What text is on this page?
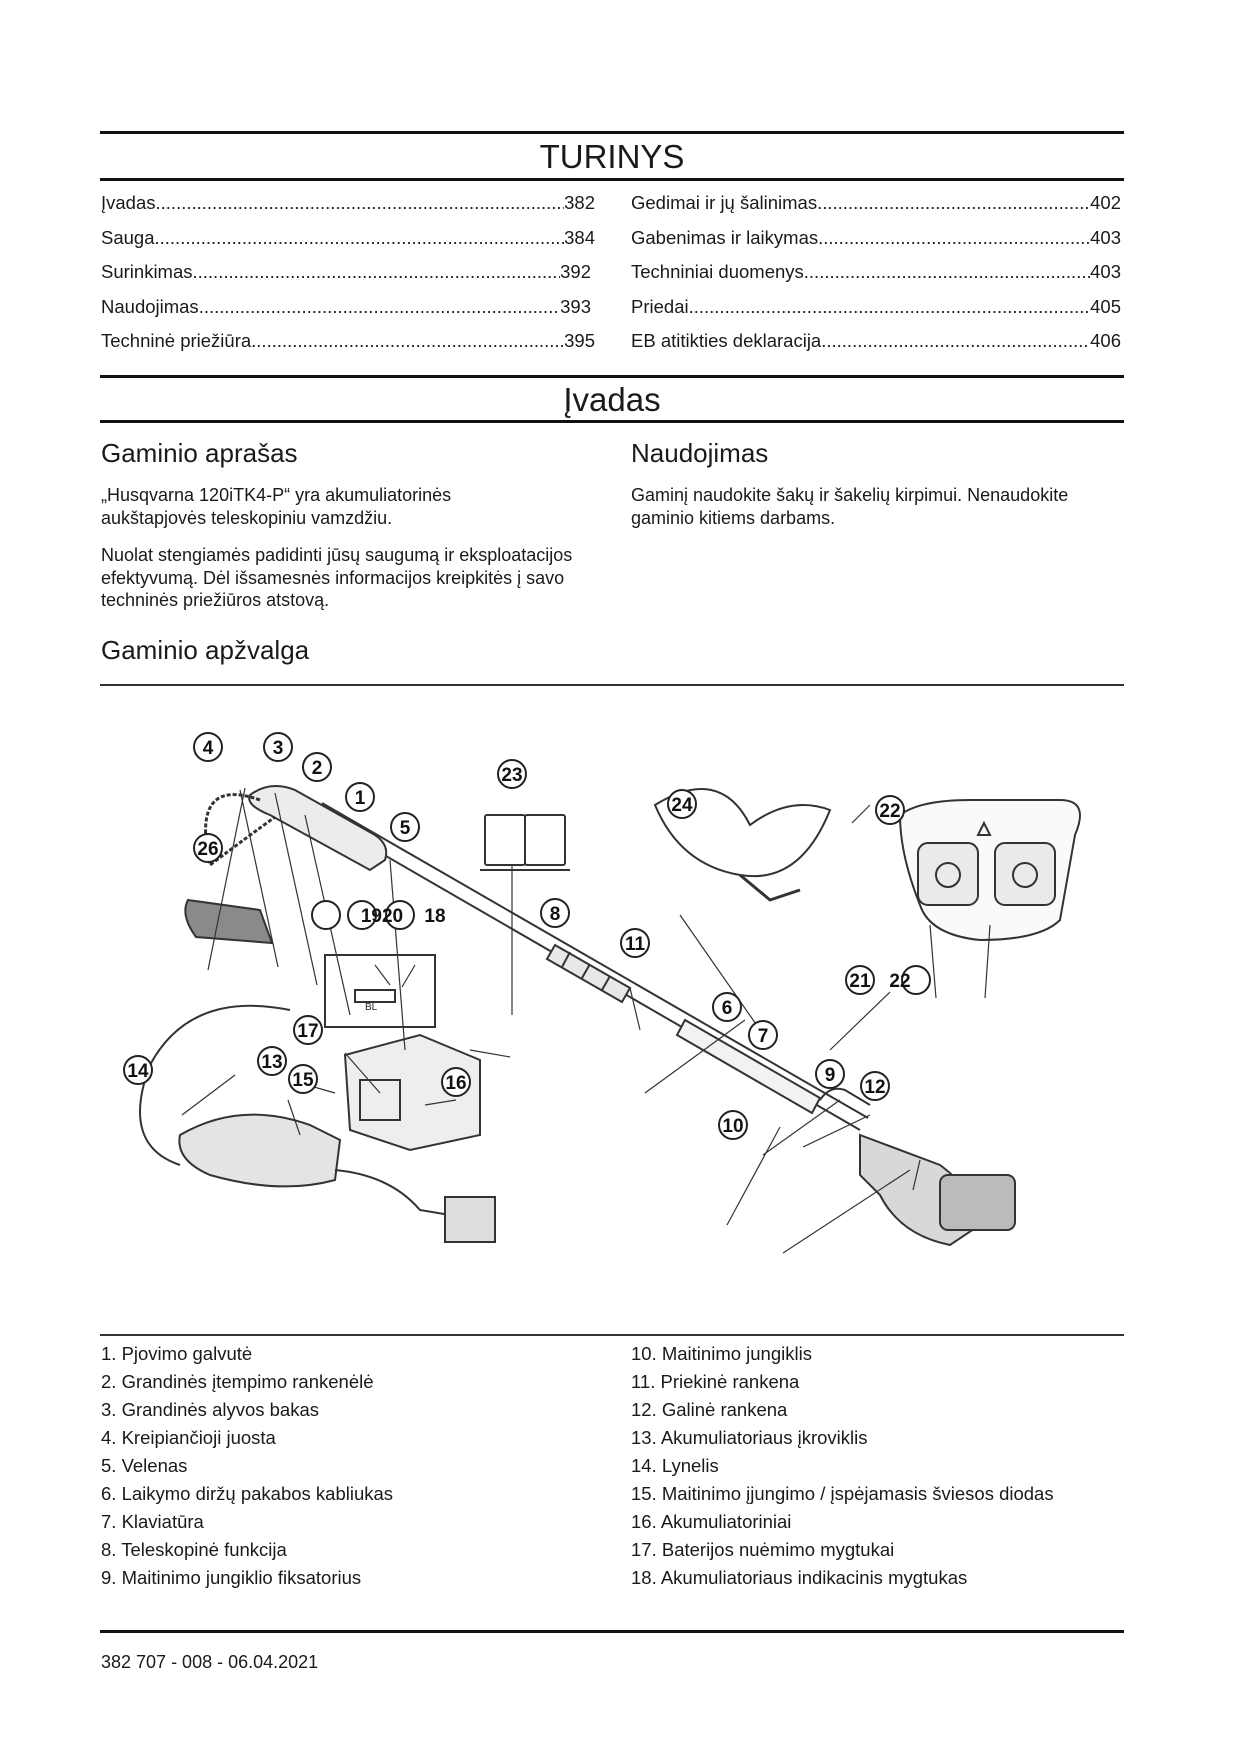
TURINYS
Įvadas .....	382
Sauga .....	384
Surinkimas .....	392
Naudojimas .....	393
Techninė priežiūra .....	395
Gedimai ir jų šalinimas .....	402
Gabenimas ir laikymas .....	403
Techniniai duomenys .....	403
Priedai .....	405
EB atitikties deklaracija .....	406
Įvadas
Gaminio aprašas

„Husqvarna 120iTK4-P“ yra akumuliatorinės aukštapjovės teleskopiniu vamzdžiu.

Nuolat stengiamės padidinti jūsų saugumą ir eksploatacijos efektyvumą. Dėl išsamesnės informacijos kreipkitės į savo techninės priežiūros atstovą.

Naudojimas

Gaminį naudokite šakų ir šakelių kirpimui. Nenaudokite gaminio kitiems darbams.

Gaminio apžvalga
BL
4	3
2
1
5
26
23
24	22
1920 18	8
11
6
7
21 22
9
12
10
17
13
15
14
16
1. Pjovimo galvutė
2. Grandinės įtempimo rankenėlė
3. Grandinės alyvos bakas
4. Kreipiančioji juosta
5. Velenas
6. Laikymo diržų pakabos kabliukas
7. Klaviatūra
8. Teleskopinė funkcija
9. Maitinimo jungiklio fiksatorius
10. Maitinimo jungiklis
11. Priekinė rankena
12. Galinė rankena
13. Akumuliatoriaus įkroviklis
14. Lynelis
15. Maitinimo įjungimo / įspėjamasis šviesos diodas
16. Akumuliatoriniai
17. Baterijos nuėmimo mygtukai
18. Akumuliatoriaus indikacinis mygtukas
382 707 - 008 - 06.04.2021
